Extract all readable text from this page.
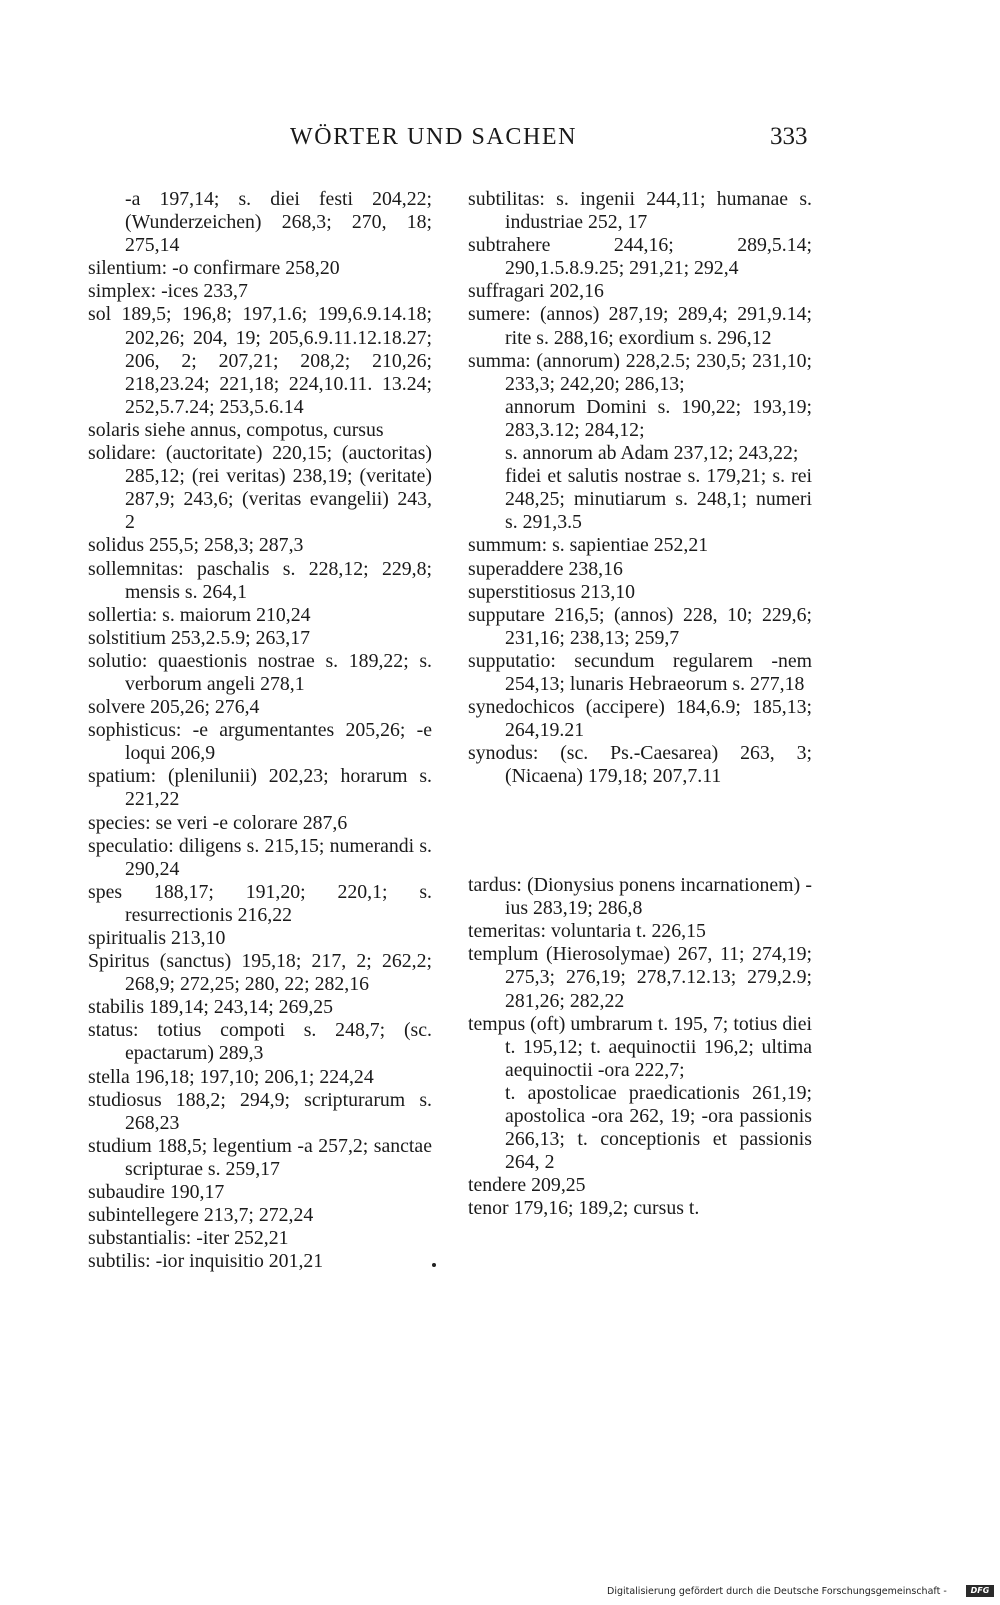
WÖRTER UND SACHEN	333

-a 197,14; s. diei festi 204,22; (Wunderzeichen) 268,3; 270, 18; 275,14

silentium: -o confirmare 258,20

simplex: -ices 233,7

sol 189,5; 196,8; 197,1.6; 199,6.9.14.18; 202,26; 204, 19; 205,6.9.11.12.18.27; 206, 2; 207,21; 208,2; 210,26; 218,23.24; 221,18; 224,10.11. 13.24; 252,5.7.24; 253,5.6.14

solaris siehe annus, compotus, cursus

solidare: (auctoritate) 220,15; (auctoritas) 285,12; (rei veritas) 238,19; (veritate) 287,9; 243,6; (veritas evangelii) 243, 2

solidus 255,5; 258,3; 287,3

sollemnitas: paschalis s. 228,12; 229,8; mensis s. 264,1

sollertia: s. maiorum 210,24

solstitium 253,2.5.9; 263,17

solutio: quaestionis nostrae s. 189,22; s. verborum angeli 278,1

solvere 205,26; 276,4

sophisticus: -e argumentantes 205,26; -e loqui 206,9

spatium: (plenilunii) 202,23; horarum s. 221,22

species: se veri -e colorare 287,6

speculatio: diligens s. 215,15; numerandi s. 290,24

spes 188,17; 191,20; 220,1; s. resurrectionis 216,22

spiritualis 213,10

Spiritus (sanctus) 195,18; 217, 2; 262,2; 268,9; 272,25; 280, 22; 282,16

stabilis 189,14; 243,14; 269,25

status: totius compoti s. 248,7; (sc. epactarum) 289,3

stella 196,18; 197,10; 206,1; 224,24

studiosus 188,2; 294,9; scripturarum s. 268,23

studium 188,5; legentium -a 257,2; sanctae scripturae s. 259,17

subaudire 190,17

subintellegere 213,7; 272,24

substantialis: -iter 252,21

subtilis: -ior inquisitio 201,21

subtilitas: s. ingenii 244,11; humanae s. industriae 252, 17

subtrahere 244,16; 289,5.14; 290,1.5.8.9.25; 291,21; 292,4

suffragari 202,16

sumere: (annos) 287,19; 289,4; 291,9.14; rite s. 288,16; exordium s. 296,12

summa: (annorum) 228,2.5; 230,5; 231,10; 233,3; 242,20; 286,13;

annorum Domini s. 190,22; 193,19; 283,3.12; 284,12;

s. annorum ab Adam 237,12; 243,22;

fidei et salutis nostrae s. 179,21; s. rei 248,25; minutiarum s. 248,1; numeri s. 291,3.5

summum: s. sapientiae 252,21

superaddere 238,16

superstitiosus 213,10

supputare 216,5; (annos) 228, 10; 229,6; 231,16; 238,13; 259,7

supputatio: secundum regularem -nem 254,13; lunaris Hebraeorum s. 277,18

synedochicos (accipere) 184,6.9; 185,13; 264,19.21

synodus: (sc. Ps.-Caesarea) 263, 3; (Nicaena) 179,18; 207,7.11

tardus: (Dionysius ponens incarnationem) -ius 283,19; 286,8

temeritas: voluntaria t. 226,15

templum (Hierosolymae) 267, 11; 274,19; 275,3; 276,19; 278,7.12.13; 279,2.9; 281,26; 282,22

tempus (oft) umbrarum t. 195, 7; totius diei t. 195,12; t. aequinoctii 196,2; ultima aequinoctii -ora 222,7;

t. apostolicae praedicationis 261,19; apostolica -ora 262, 19; -ora passionis 266,13; t. conceptionis et passionis 264, 2

tendere 209,25

tenor 179,16; 189,2; cursus t.

Digitalisierung gefördert durch die Deutsche Forschungsgemeinschaft -	DFG
